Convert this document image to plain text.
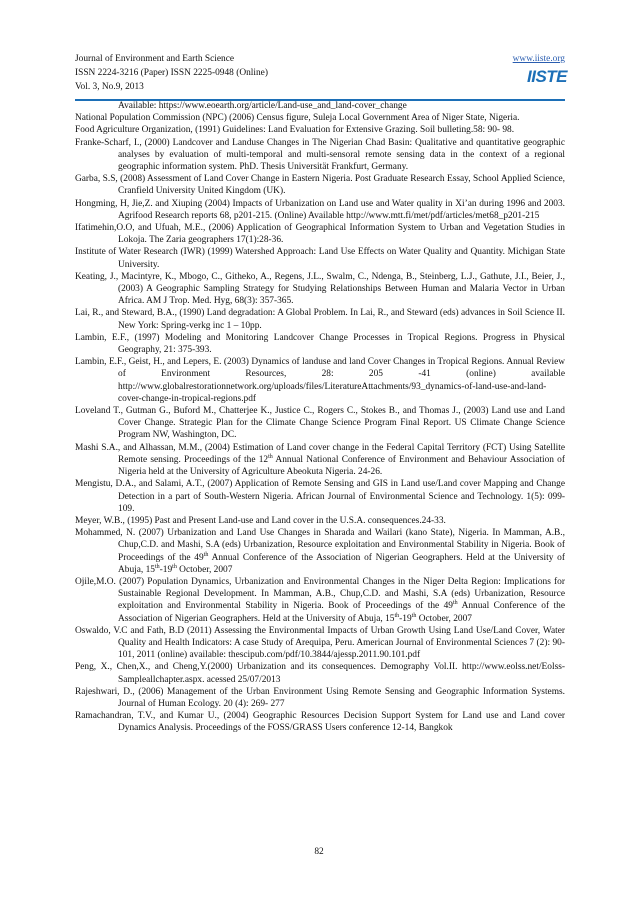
Journal of Environment and Earth Science
ISSN 2224-3216 (Paper) ISSN 2225-0948 (Online)
Vol. 3, No.9, 2013
www.iiste.org
IISTE

Available: https://www.eoearth.org/article/Land-use_and_land-cover_change

National Population Commission (NPC) (2006) Census figure, Suleja Local Government Area of Niger State, Nigeria.

Food Agriculture Organization, (1991) Guidelines: Land Evaluation for Extensive Grazing. Soil bulleting.58: 90- 98.

Franke-Scharf, I., (2000) Landcover and Landuse Changes in The Nigerian Chad Basin: Qualitative and quantitative geographic analyses by evaluation of multi-temporal and multi-sensoral remote sensing data in the context of a regional geographic information system. PhD. Thesis Universität Frankfurt, Germany.

Garba, S.S, (2008) Assessment of Land Cover Change in Eastern Nigeria. Post Graduate Research Essay, School Applied Science, Cranfield University United Kingdom (UK).

Hongming, H, Jie,Z. and Xiuping (2004) Impacts of Urbanization on Land use and Water quality in Xi’an during 1996 and 2003. Agrifood Research reports 68, p201-215. (Online) Available http://www.mtt.fi/met/pdf/articles/met68_p201-215

Ifatimehin,O.O, and Ufuah, M.E., (2006) Application of Geographical Information System to Urban and Vegetation Studies in Lokoja. The Zaria geographers 17(1):28-36.

Institute of Water Research (IWR) (1999) Watershed Approach: Land Use Effects on Water Quality and Quantity. Michigan State University.

Keating, J., Macintyre, K., Mbogo, C., Githeko, A., Regens, J.L., Swalm, C., Ndenga, B., Steinberg, L.J., Gathute, J.I., Beier, J.,(2003) A Geographic Sampling Strategy for Studying Relationships Between Human and Malaria Vector in Urban Africa. AM J Trop. Med. Hyg, 68(3): 357-365.

Lai, R., and Steward, B.A., (1990) Land degradation: A Global Problem. In Lai, R., and Steward (eds) advances in Soil Science II. New York: Spring-verkg inc 1 – 10pp.

Lambin, E.F., (1997) Modeling and Monitoring Landcover Change Processes in Tropical Regions. Progress in Physical Geography, 21: 375-393.

Lambin, E.F., Geist, H., and Lepers, E. (2003) Dynamics of landuse and land Cover Changes in Tropical Regions. Annual Review of Environment Resources, 28: 205 -41 (online) available http://www.globalrestorationnetwork.org/uploads/files/LiteratureAttachments/93_dynamics-of-land-use-and-land-cover-change-in-tropical-regions.pdf

Loveland T., Gutman G., Buford M., Chatterjee K., Justice C., Rogers C., Stokes B., and Thomas J., (2003) Land use and Land Cover Change. Strategic Plan for the Climate Change Science Program Final Report. US Climate Change Science Program NW, Washington, DC.

Mashi S.A., and Alhassan, M.M., (2004) Estimation of Land cover change in the Federal Capital Territory (FCT) Using Satellite Remote sensing. Proceedings of the 12th Annual National Conference of Environment and Behaviour Association of Nigeria held at the University of Agriculture Abeokuta Nigeria. 24-26.

Mengistu, D.A., and Salami, A.T., (2007) Application of Remote Sensing and GIS in Land use/Land cover Mapping and Change Detection in a part of South-Western Nigeria. African Journal of Environmental Science and Technology. 1(5): 099-109.

Meyer, W.B., (1995) Past and Present Land-use and Land cover in the U.S.A. consequences.24-33.

Mohammed, N. (2007) Urbanization and Land Use Changes in Sharada and Wailari (kano State), Nigeria. In Mamman, A.B., Chup,C.D. and Mashi, S.A (eds) Urbanization, Resource exploitation and Environmental Stability in Nigeria. Book of Proceedings of the 49th Annual Conference of the Association of Nigerian Geographers. Held at the University of Abuja, 15th-19th October, 2007

Ojile,M.O. (2007) Population Dynamics, Urbanization and Environmental Changes in the Niger Delta Region: Implications for Sustainable Regional Development. In Mamman, A.B., Chup,C.D. and Mashi, S.A (eds) Urbanization, Resource exploitation and Environmental Stability in Nigeria. Book of Proceedings of the 49th Annual Conference of the Association of Nigerian Geographers. Held at the University of Abuja, 15th-19th October, 2007

Oswaldo, V.C and Fath, B.D (2011) Assessing the Environmental Impacts of Urban Growth Using Land Use/Land Cover, Water Quality and Health Indicators: A case Study of Arequipa, Peru. American Journal of Environmental Sciences 7 (2): 90- 101, 2011 (online) available: thescipub.com/pdf/10.3844/ajessp.2011.90.101.pdf

Peng, X., Chen,X., and Cheng,Y.(2000) Urbanization and its consequences. Demography Vol.II. http://www.eolss.net/Eolss-Sampleallchapter.aspx. acessed 25/07/2013

Rajeshwari, D., (2006) Management of the Urban Environment Using Remote Sensing and Geographic Information Systems. Journal of Human Ecology. 20 (4): 269- 277

Ramachandran, T.V., and Kumar U., (2004) Geographic Resources Decision Support System for Land use and Land cover Dynamics Analysis. Proceedings of the FOSS/GRASS Users conference 12-14, Bangkok

82
